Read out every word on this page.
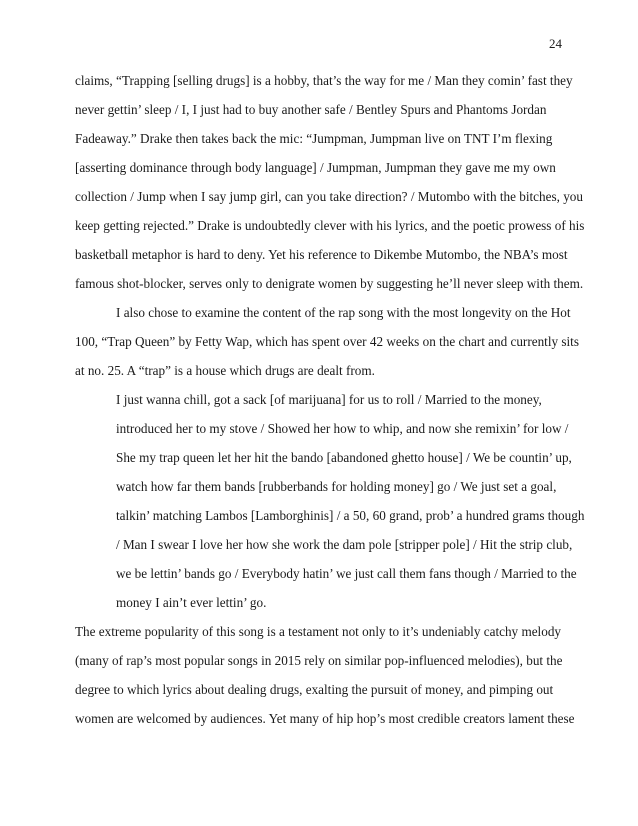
24
claims, “Trapping [selling drugs] is a hobby, that’s the way for me / Man they comin’ fast they
never gettin’ sleep / I, I just had to buy another safe / Bentley Spurs and Phantoms Jordan
Fadeaway.” Drake then takes back the mic: “Jumpman, Jumpman live on TNT I’m flexing
[asserting dominance through body language] / Jumpman, Jumpman they gave me my own
collection / Jump when I say jump girl, can you take direction? / Mutombo with the bitches, you
keep getting rejected.” Drake is undoubtedly clever with his lyrics, and the poetic prowess of his
basketball metaphor is hard to deny. Yet his reference to Dikembe Mutombo, the NBA’s most
famous shot-blocker, serves only to denigrate women by suggesting he’ll never sleep with them.
I also chose to examine the content of the rap song with the most longevity on the Hot
100, “Trap Queen” by Fetty Wap, which has spent over 42 weeks on the chart and currently sits
at no. 25. A “trap” is a house which drugs are dealt from.
I just wanna chill, got a sack [of marijuana] for us to roll / Married to the money,
introduced her to my stove / Showed her how to whip, and now she remixin’ for low /
She my trap queen let her hit the bando [abandoned ghetto house] / We be countin’ up,
watch how far them bands [rubberbands for holding money] go / We just set a goal,
talkin’ matching Lambos [Lamborghinis] / a 50, 60 grand, prob’ a hundred grams though
/ Man I swear I love her how she work the dam pole [stripper pole] / Hit the strip club,
we be lettin’ bands go / Everybody hatin’ we just call them fans though / Married to the
money I ain’t ever lettin’ go.
The extreme popularity of this song is a testament not only to it’s undeniably catchy melody
(many of rap’s most popular songs in 2015 rely on similar pop-influenced melodies), but the
degree to which lyrics about dealing drugs, exalting the pursuit of money, and pimping out
women are welcomed by audiences. Yet many of hip hop’s most credible creators lament these
